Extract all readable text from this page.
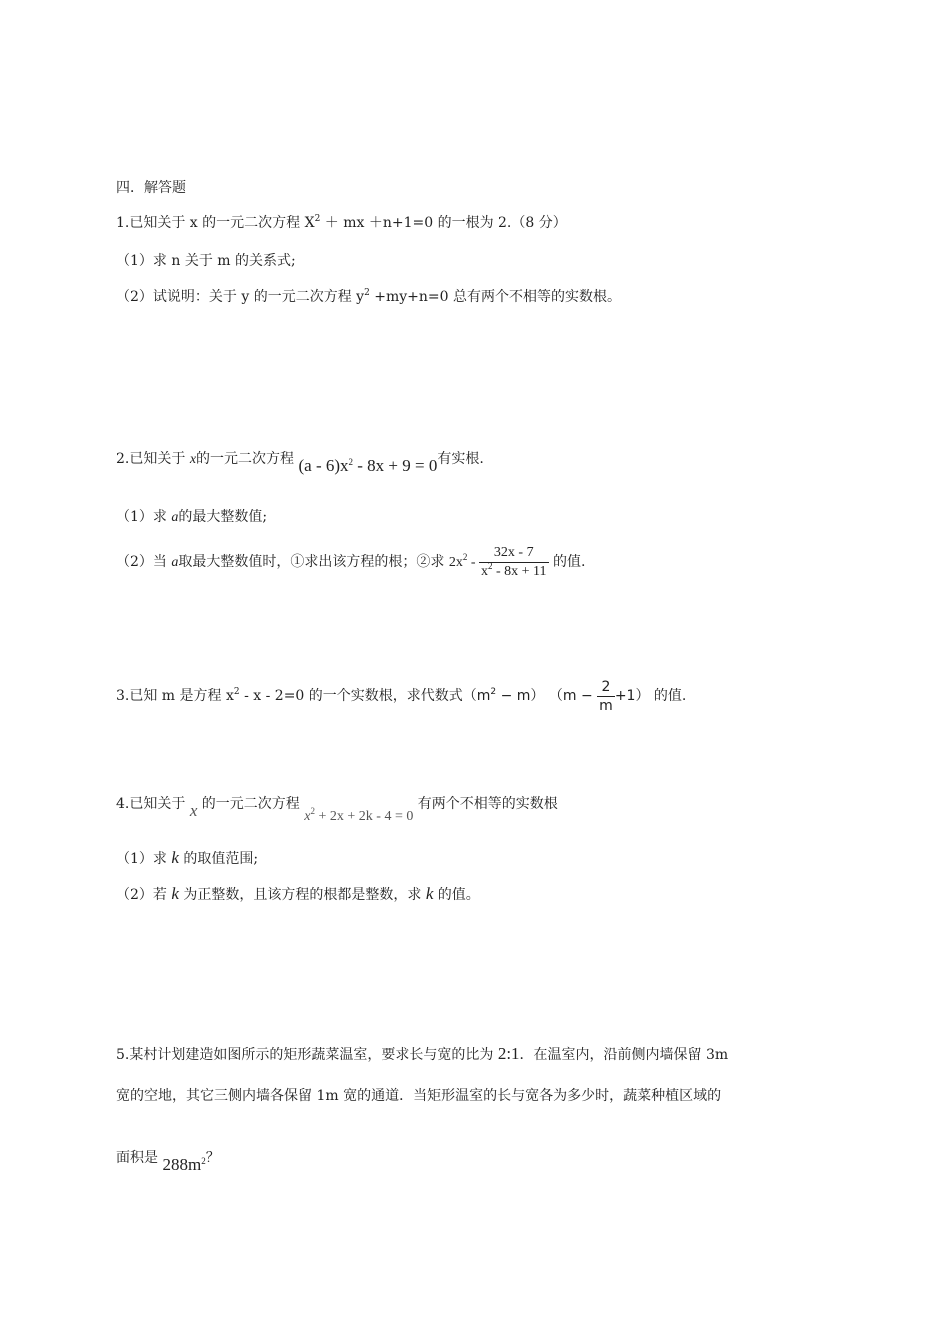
四．解答题
1.已知关于 x 的一元二次方程 $X^2$ ＋ mx ＋n+1=0 的一根为 2.（8 分）
（1）求 n 关于 m 的关系式;
（2）试说明：关于 y 的一元二次方程 $y^2 +my+n=0$ 总有两个不相等的实数根。
2.已知关于 x的一元二次方程 $(a - 6)x^2 - 8x + 9 = 0$有实根.
（1）求 a的最大整数值;
（2）当 a取最大整数值时，①求出该方程的根；②求 $2x^2 - \frac{32x - 7}{x^2 - 8x + 11}$ 的值.
3.已知 m 是方程 $x^2 - x - 2=0$ 的一个实数根，求代数式$(m^2 - m) (m - \frac{2}{m} +1)$ 的值.
4.已知关于 x 的一元二次方程 $x^2 + 2x + 2k - 4 = 0$ 有两个不相等的实数根
（1）求 k 的取值范围;
（2）若 k 为正整数，且该方程的根都是整数，求 k 的值。
5.某村计划建造如图所示的矩形蔬菜温室，要求长与宽的比为 2:1．在温室内，沿前侧内墙保留 3m
宽的空地，其它三侧内墙各保留 1m 宽的通道．当矩形温室的长与宽各为多少时，蔬菜种植区域的
面积是 $288m^2$？
